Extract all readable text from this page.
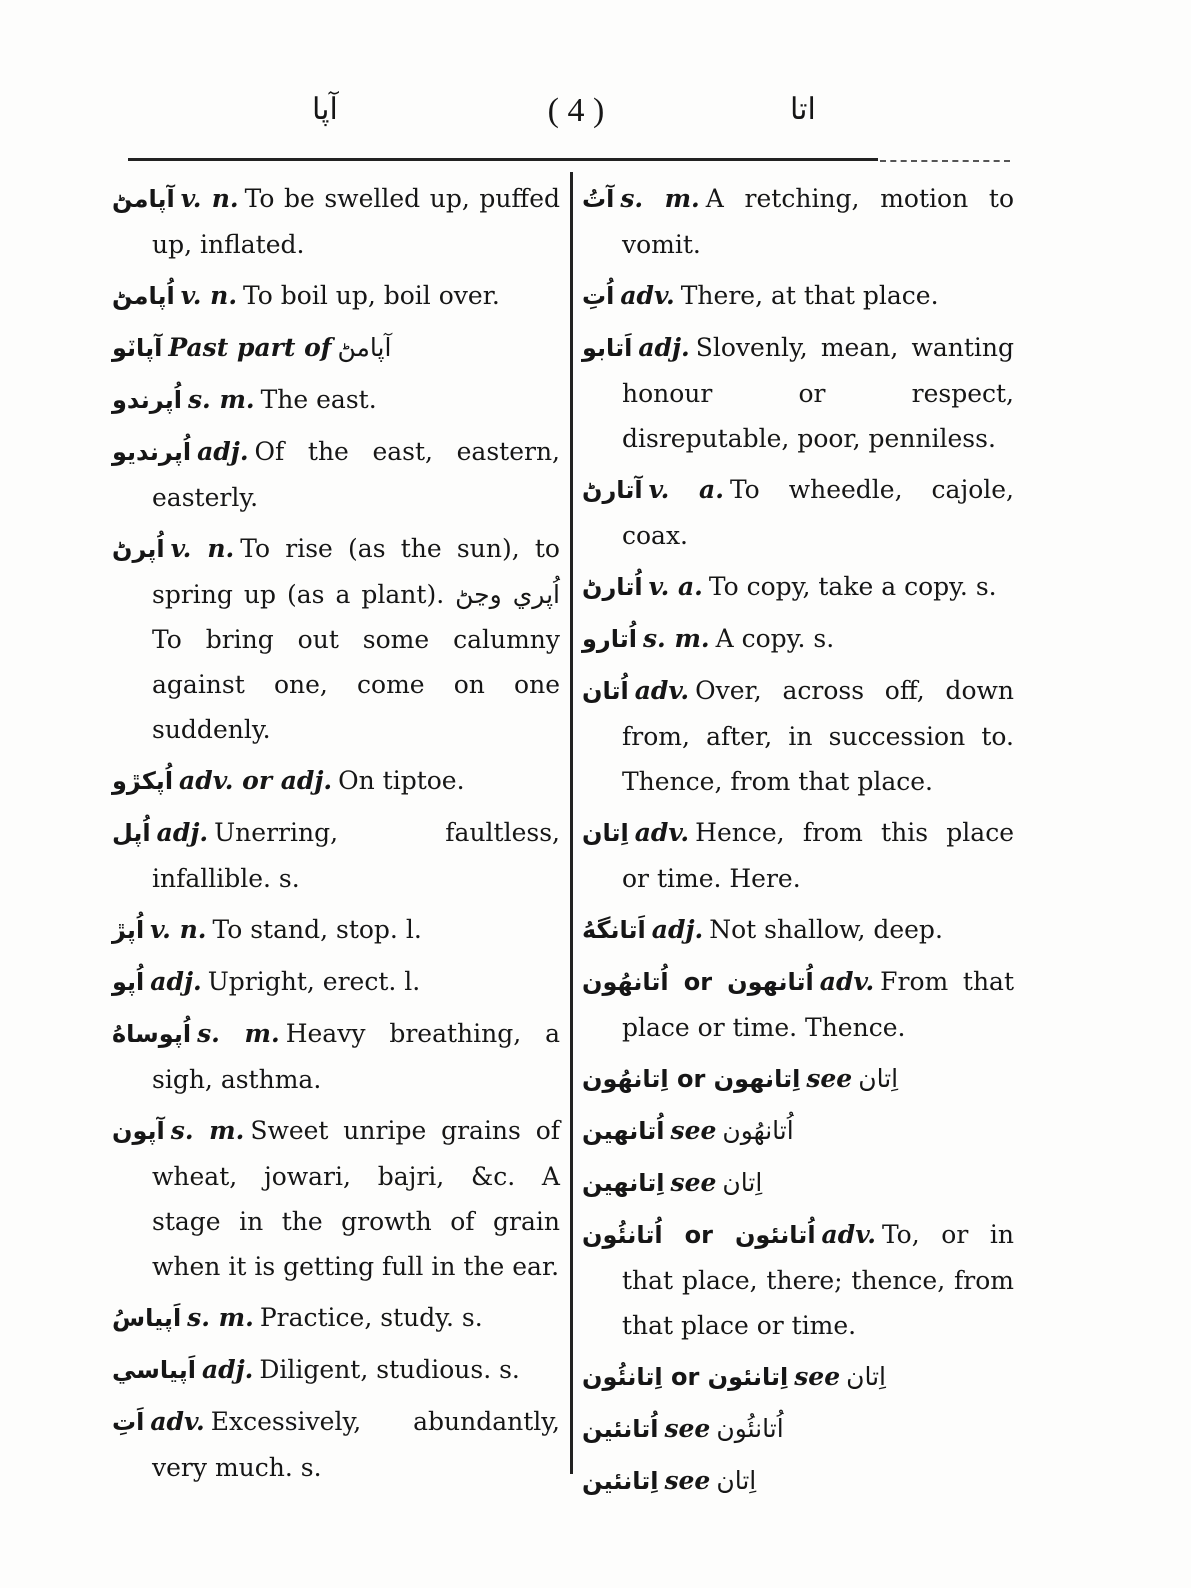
آپا	( 4 )	اتا
آپامڻ v. n. To be swelled up, puffed up, inflated.
اُپامڻ v. n. To boil up, boil over.
آپاٽو Past part of آپامڻ
اُپرندو s. m. The east.
اُپرنديو adj. Of the east, eastern, easterly.
اُپرڻ v. n. To rise (as the sun), to spring up (as a plant). اُپري وڃڻ To bring out some calumny against one, come on one suddenly.
اُپکڙو adv. or adj. On tiptoe.
اُپل adj. Unerring, faultless, infallible. s.
اُپڙ v. n. To stand, stop. l.
اُپو adj. Upright, erect. l.
اُپوساهُ s. m. Heavy breathing, a sigh, asthma.
آپون s. m. Sweet unripe grains of wheat, jowari, bajri, &c. A stage in the growth of grain when it is getting full in the ear.
اَپياسُ s. m. Practice, study. s.
اَپياسي adj. Diligent, studious. s.
اَتِ adv. Excessively, abundantly, very much. s.
آتُ s. m. A retching, motion to vomit.
اُتِ adv. There, at that place.
اَتابو adj. Slovenly, mean, wanting honour or respect, disreputable, poor, penniless.
آتارڻ v. a. To wheedle, cajole, coax.
اُتارڻ v. a. To copy, take a copy. s.
اُتارو s. m. A copy. s.
اُتان adv. Over, across off, down from, after, in succession to. Thence, from that place.
اِتان adv. Hence, from this place or time. Here.
اَتانگهُ adj. Not shallow, deep.
اُتانهون or اُتانهُون adv. From that place or time. Thence.
اِتانهون or اِتانهُون see اِتان
اُتانهين see اُتانهُون
اِتانهين see اِتان
اُتانئون or اُتانئُون adv. To, or in that place, there; thence, from that place or time.
اِتانئون or اِتانئُون see اِتان
اُتانئين see اُتانئُون
اِتانئين see اِتان
